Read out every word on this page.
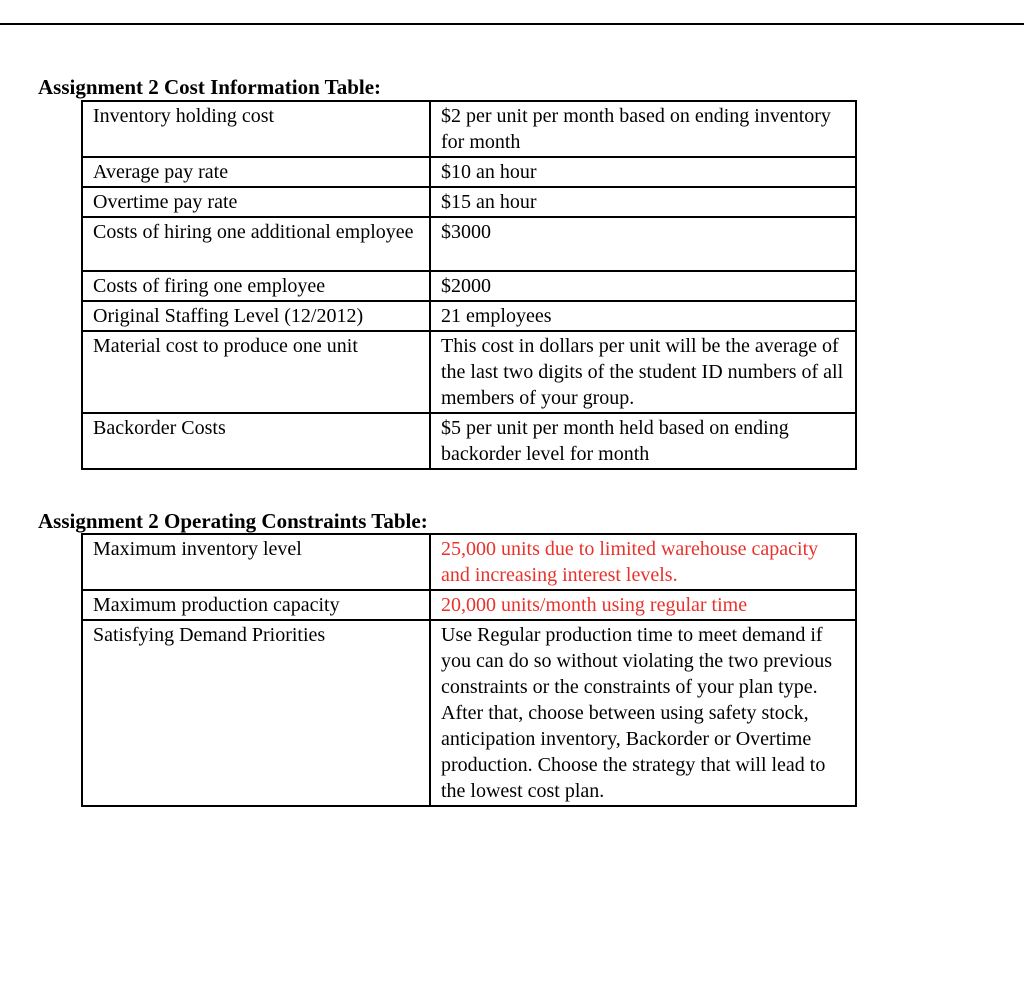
Assignment 2 Cost Information Table:
Inventory holding cost	$2 per unit per month based on ending inventory for month
Average pay rate	$10 an hour
Overtime pay rate	$15 an hour
Costs of hiring one additional employee	$3000
Costs of firing one employee	$2000
Original Staffing Level (12/2012)	21 employees
Material cost to produce one unit	This cost in dollars per unit will be the average of the last two digits of the student ID numbers of all members of your group.
Backorder Costs	$5 per unit per month held based on ending backorder level for month
Assignment 2 Operating Constraints Table:
Maximum inventory level	25,000 units due to limited warehouse capacity and increasing interest levels.
Maximum production capacity	20,000 units/month using regular time
Satisfying Demand Priorities	Use Regular production time to meet demand if you can do so without violating the two previous constraints or the constraints of your plan type. After that, choose between using safety stock, anticipation inventory, Backorder or Overtime production. Choose the strategy that will lead to the lowest cost plan.
